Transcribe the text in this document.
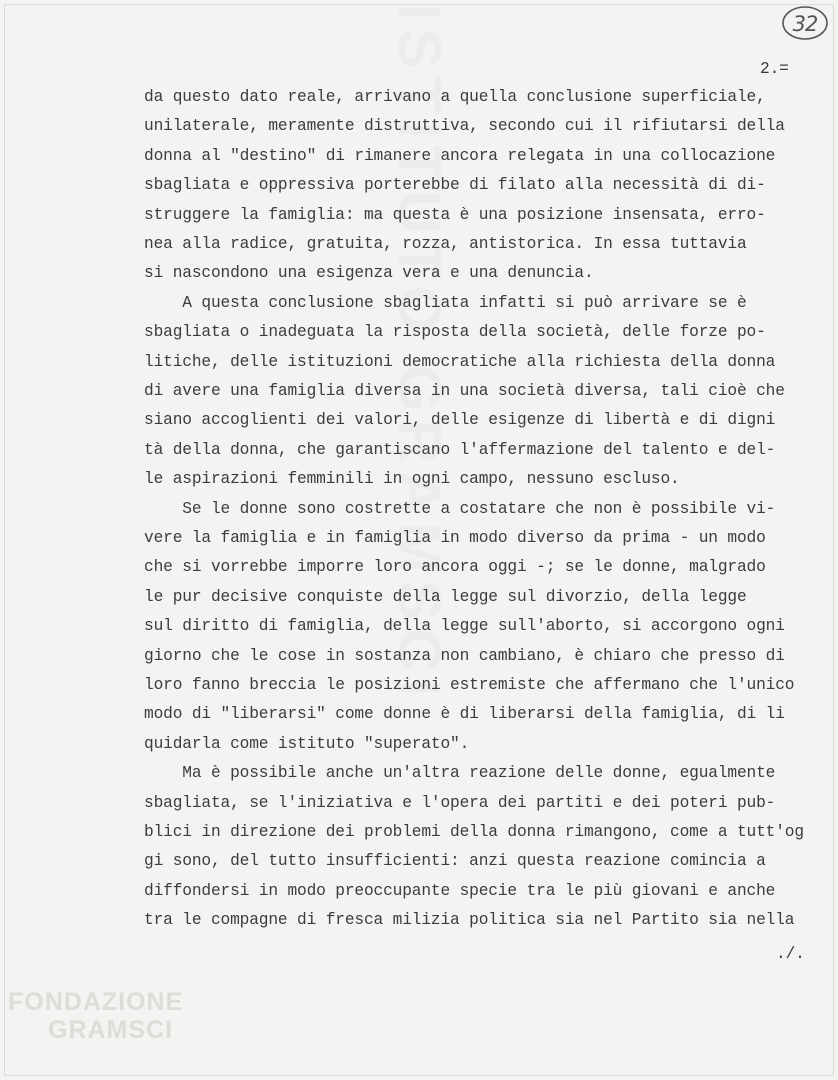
ISTITUTO GRAMSCI	32
2.=
da questo dato reale, arrivano a quella conclusione superficiale,
unilaterale, meramente distruttiva, secondo cui il rifiutarsi della
donna al "destino" di rimanere ancora relegata in una collocazione
sbagliata e oppressiva porterebbe di filato alla necessità di di-
struggere la famiglia: ma questa è una posizione insensata, erro-
nea alla radice, gratuita, rozza, antistorica. In essa tuttavia
si nascondono una esigenza vera e una denuncia.
A questa conclusione sbagliata infatti si può arrivare se è
sbagliata o inadeguata la risposta della società, delle forze po-
litiche, delle istituzioni democratiche alla richiesta della donna
di avere una famiglia diversa in una società diversa, tali cioè che
siano accoglienti dei valori, delle esigenze di libertà e di digni
tà della donna, che garantiscano l'affermazione del talento e del-
le aspirazioni femminili in ogni campo, nessuno escluso.
Se le donne sono costrette a costatare che non è possibile vi-
vere la famiglia e in famiglia in modo diverso da prima - un modo
che si vorrebbe imporre loro ancora oggi -; se le donne, malgrado
le pur decisive conquiste della legge sul divorzio, della legge
sul diritto di famiglia, della legge sull'aborto, si accorgono ogni
giorno che le cose in sostanza non cambiano, è chiaro che presso di
loro fanno breccia le posizioni estremiste che affermano che l'unico
modo di "liberarsi" come donne è di liberarsi della famiglia, di li
quidarla come istituto "superato".
Ma è possibile anche un'altra reazione delle donne, egualmente
sbagliata, se l'iniziativa e l'opera dei partiti e dei poteri pub-
blici in direzione dei problemi della donna rimangono, come a tutt'og
gi sono, del tutto insufficienti: anzi questa reazione comincia a
diffondersi in modo preoccupante specie tra le più giovani e anche
tra le compagne di fresca milizia politica sia nel Partito sia nella
./.
FONDAZIONE
GRAMSCI
